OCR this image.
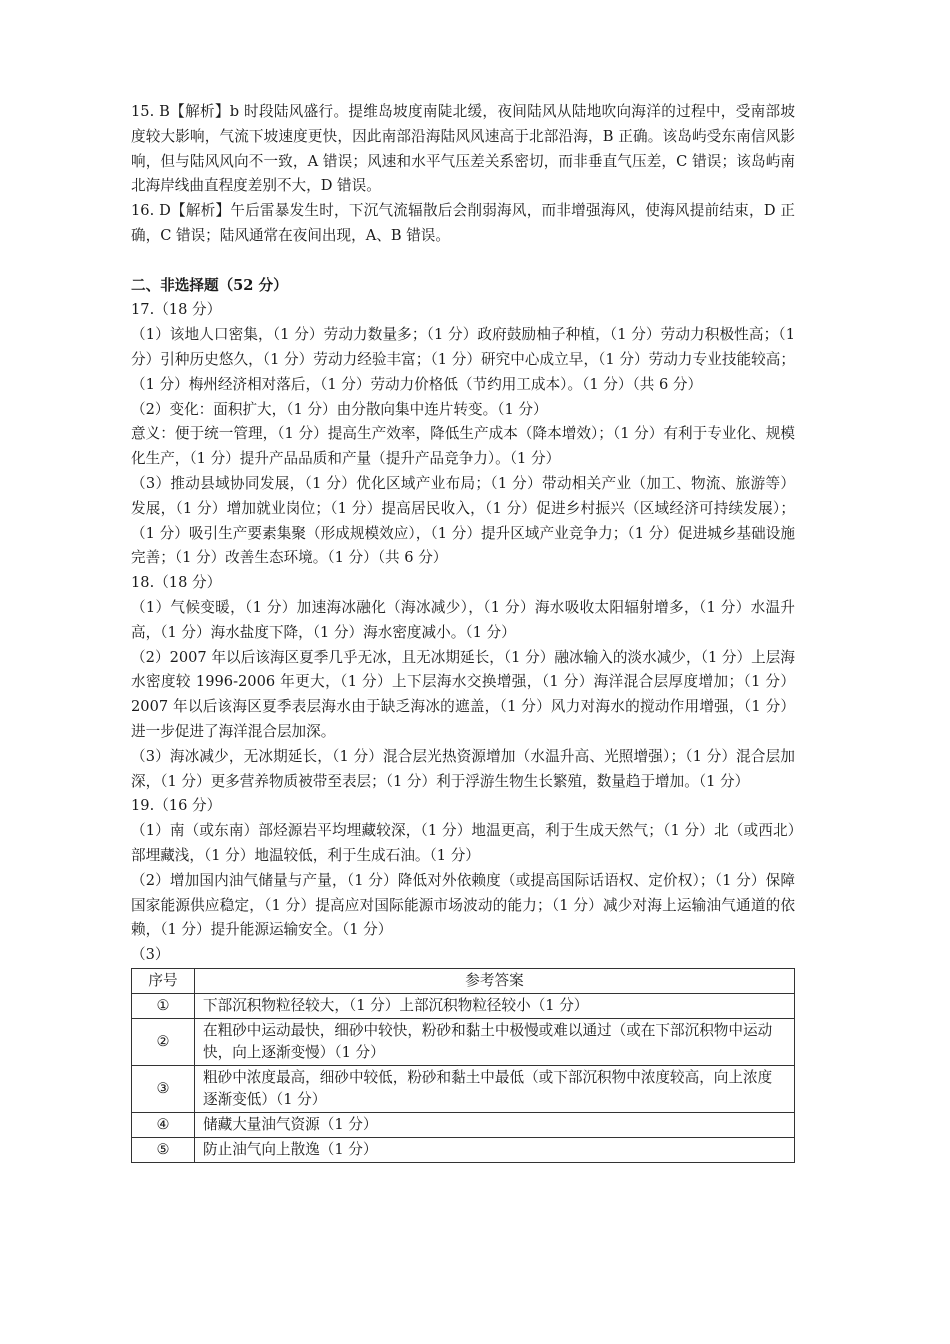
15. B【解析】b 时段陆风盛行。提维岛坡度南陡北缓，夜间陆风从陆地吹向海洋的过程中，受南部坡度较大影响，气流下坡速度更快，因此南部沿海陆风风速高于北部沿海，B 正确。该岛屿受东南信风影响，但与陆风风向不一致，A 错误；风速和水平气压差关系密切，而非垂直气压差，C 错误；该岛屿南北海岸线曲直程度差别不大，D 错误。

16. D【解析】午后雷暴发生时，下沉气流辐散后会削弱海风，而非增强海风，使海风提前结束，D 正确，C 错误；陆风通常在夜间出现，A、B 错误。

二、非选择题（52 分）

17.（18 分）

（1）该地人口密集，（1 分）劳动力数量多；（1 分）政府鼓励柚子种植，（1 分）劳动力积极性高；（1 分）引种历史悠久，（1 分）劳动力经验丰富；（1 分）研究中心成立早，（1 分）劳动力专业技能较高；（1 分）梅州经济相对落后，（1 分）劳动力价格低（节约用工成本）。（1 分）（共 6 分）

（2）变化：面积扩大，（1 分）由分散向集中连片转变。（1 分）

意义：便于统一管理，（1 分）提高生产效率，降低生产成本（降本增效）；（1 分）有利于专业化、规模化生产，（1 分）提升产品品质和产量（提升产品竞争力）。（1 分）

（3）推动县域协同发展，（1 分）优化区域产业布局；（1 分）带动相关产业（加工、物流、旅游等）发展，（1 分）增加就业岗位；（1 分）提高居民收入，（1 分）促进乡村振兴（区域经济可持续发展）；（1 分）吸引生产要素集聚（形成规模效应），（1 分）提升区域产业竞争力；（1 分）促进城乡基础设施完善；（1 分）改善生态环境。（1 分）（共 6 分）

18.（18 分）

（1）气候变暖，（1 分）加速海冰融化（海冰减少），（1 分）海水吸收太阳辐射增多，（1 分）水温升高，（1 分）海水盐度下降，（1 分）海水密度减小。（1 分）

（2）2007 年以后该海区夏季几乎无冰，且无冰期延长，（1 分）融冰输入的淡水减少，（1 分）上层海水密度较 1996-2006 年更大，（1 分）上下层海水交换增强，（1 分）海洋混合层厚度增加；（1 分）2007 年以后该海区夏季表层海水由于缺乏海冰的遮盖，（1 分）风力对海水的搅动作用增强，（1 分）进一步促进了海洋混合层加深。

（3）海冰减少，无冰期延长，（1 分）混合层光热资源增加（水温升高、光照增强）；（1 分）混合层加深，（1 分）更多营养物质被带至表层；（1 分）利于浮游生物生长繁殖，数量趋于增加。（1 分）

19.（16 分）

（1）南（或东南）部烃源岩平均埋藏较深，（1 分）地温更高，利于生成天然气；（1 分）北（或西北）部埋藏浅，（1 分）地温较低，利于生成石油。（1 分）

（2）增加国内油气储量与产量，（1 分）降低对外依赖度（或提高国际话语权、定价权）；（1 分）保障国家能源供应稳定，（1 分）提高应对国际能源市场波动的能力；（1 分）减少对海上运输油气通道的依赖，（1 分）提升能源运输安全。（1 分）

（3）

序号	参考答案
①	下部沉积物粒径较大，（1 分）上部沉积物粒径较小（1 分）
②	在粗砂中运动最快，细砂中较快，粉砂和黏土中极慢或难以通过（或在下部沉积物中运动快，向上逐渐变慢）（1 分）
③	粗砂中浓度最高，细砂中较低，粉砂和黏土中最低（或下部沉积物中浓度较高，向上浓度逐渐变低）（1 分）
④	储藏大量油气资源（1 分）
⑤	防止油气向上散逸（1 分）
